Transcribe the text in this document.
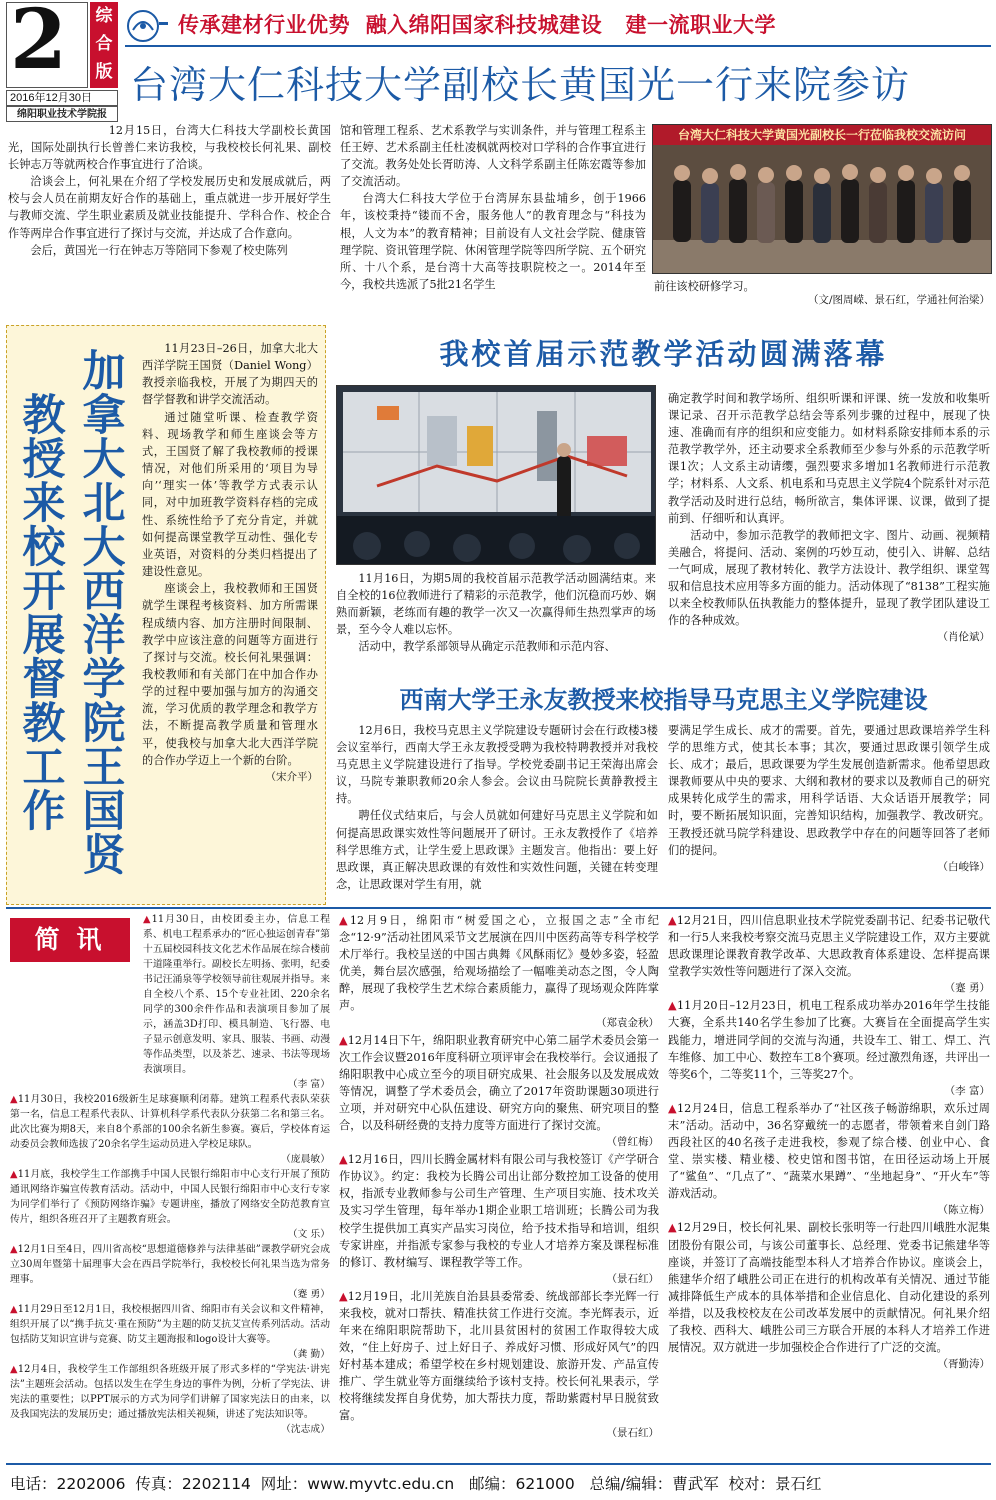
2	综
合
版
2016年12月30日
绵阳职业技术学院报
传承建材行业优势  融入绵阳国家科技城建设   建一流职业大学
台湾大仁科技大学副校长黄国光一行来院参访

12月15日，台湾大仁科技大学副校长黄国光，国际处副执行长曾善仁来访我校，与我校校长何礼果、副校长钟志万等就两校合作事宜进行了洽谈。

洽谈会上，何礼果在介绍了学校发展历史和发展成就后，两校与会人员在前期友好合作的基础上，重点就进一步开展好学生与教师交流、学生职业素质及就业技能提升、学科合作、校企合作等两岸合作事宜进行了探讨与交流，并达成了合作意向。

会后，黄国光一行在钟志万等陪同下参观了校史陈列

馆和管理工程系、艺术系教学与实训条件，并与管理工程系主任王婷、艺术系副主任杜凌枫就两校对口学科的合作事宜进行了交流。教务处处长胥昉涛、人文科学系副主任陈宏霞等参加了交流活动。

台湾大仁科技大学位于台湾屏东县盐埔乡，创于1966年，该校秉持“镂而不舍，服务他人”的教育理念与“科技为根，人文为本”的教育精神；目前设有人文社会学院、健康管理学院、资讯管理学院、休闲管理学院等四所学院、五个研究所、十八个系，是台湾十大高等技职院校之一。2014年至今，我校共选派了5批21名学生

台湾大仁科技大学黄国光副校长一行莅临我校交流访问
前往该校研修学习。
（文/图周嵘、景石红，学通社何治梁）
加拿大北大西洋学院王国贤
教授来校开展督教工作

11月23日–26日，加拿大北大西洋学院王国贤（Daniel Wong）教授亲临我校，开展了为期四天的督学督教和讲学交流活动。

通过随堂听课、检查教学资料、现场教学和师生座谈会等方式，王国贤了解了我校教师的授课情况，对他们所采用的‘项目为导向’‘理实一体’等教学方式表示认同，对中加班教学资料存档的完成性、系统性给予了充分肯定，并就如何提高课堂教学互动性、强化专业英语，对资料的分类归档提出了建设性意见。

座谈会上，我校教师和王国贤就学生课程考核资料、加方所需课程成绩内容、加方注册时间限制、教学中应该注意的问题等方面进行了探讨与交流。校长何礼果强调：我校教师和有关部门在中加合作办学的过程中要加强与加方的沟通交流，学习优质的教学理念和教学方法，不断提高教学质量和管理水平，使我校与加拿大北大西洋学院的合作办学迈上一个新的台阶。

（宋介平）
我校首届示范教学活动圆满落幕

11月16日，为期5周的我校首届示范教学活动圆满结束。来自全校的16位教师进行了精彩的示范教学，他们沉稳而巧妙、娴熟而新颖，老练而有趣的教学一次又一次赢得师生热烈掌声的场景，至今令人难以忘怀。

活动中，教学系部领导从确定示范教师和示范内容、

确定教学时间和教学场所、组织听课和评课、统一发放和收集听课记录、召开示范教学总结会等系列步骤的过程中，展现了快速、准确而有序的组织和应变能力。如材料系除安排师本系的示范教学教学外，还主动要求全系教师至少参与外系的示范教学听课1次；人文系主动请缨，强烈要求多增加1名教师进行示范教学；材料系、人文系、机电系和马克思主义学院4个院系针对示范教学活动及时进行总结，畅所欲言，集体评课、议课，做到了提前到、仔细听和认真评。

活动中，参加示范教学的教师把文字、图片、动画、视频精美融合，将提问、活动、案例的巧妙互动，使引入、讲解、总结一气呵成，展现了教材转化、教学方法设计、教学组织、课堂驾驭和信息技术应用等多方面的能力。活动体现了“8138”工程实施以来全校教师队伍执教能力的整体提升，显现了教学团队建设工作的各种成效。

（肖伦斌）
西南大学王永友教授来校指导马克思主义学院建设

12月6日，我校马克思主义学院建设专题研讨会在行政楼3楼会议室举行，西南大学王永友教授受聘为我校特聘教授并对我校马克思主义学院建设进行了指导。学校党委副书记王荣海出席会议，马院专兼职教师20余人参会。会议由马院院长黄静教授主持。

聘任仪式结束后，与会人员就如何建好马克思主义学院和如何提高思政课实效性等问题展开了研讨。王永友教授作了《培养科学思维方式，让学生爱上思政课》主题发言。他指出：要上好思政课，真正解决思政课的有效性和实效性问题，关键在转变理念，让思政课对学生有用，就

要满足学生成长、成才的需要。首先，要通过思政课培养学生科学的思维方式，使其长本事；其次，要通过思政课引领学生成长、成才；最后，思政课要为学生发展创造新需求。他希望思政课教师要从中央的要求、大纲和教材的要求以及教师自己的研究成果转化成学生的需求，用科学话语、大众话语开展教学；同时，要不断拓展知识面，完善知识结构，加强教学、教改研究。王教授还就马院学科建设、思政教学中存在的问题等回答了老师们的提问。

（白峻锋）
简 讯
▲11月30日，由校团委主办，信息工程系、机电工程系承办的“匠心独运创青春”第十五届校园科技文化艺术作品展在综合楼前干道隆重举行。副校长左明扬、张明，纪委书记汪涌泉等学校领导前往观展并指导。来自全校八个系、15个专业社团、220余名同学的300余件作品和表演项目参加了展示，涵盖3D打印、模具制造、飞行器、电子显示创意发明、家具、服装、书画、动漫等作品类型，以及茶艺、速录、书法等现场表演项目。
（李 富）
▲11月30日，我校2016级新生足球赛顺利闭幕。建筑工程系代表队荣获第一名，信息工程系代表队、计算机科学系代表队分获第二名和第三名。此次比赛为期8天，来自8个系部的100余名新生参赛。赛后，学校体育运动委员会教师选拔了20余名学生运动员进入学校足球队。
（庞晨敏）
▲11月底，我校学生工作部携手中国人民银行绵阳市中心支行开展了预防通讯网络诈骗宣传教育活动。活动中，中国人民银行绵阳市中心支行专家为同学们举行了《预防网络诈骗》专题讲座，播放了网络安全防范教育宣传片，组织各班召开了主题教育班会。
（文 乐）
▲12月1日至4日，四川省高校“思想道德修养与法律基础”课教学研究会成立30周年暨第十届理事大会在西昌学院举行，我校校长何礼果当选为常务理事。
（蹇 勇）
▲11月29日至12月1日，我校根据四川省、绵阳市有关会议和文件精神，组织开展了以“携手抗艾·重在预防”为主题的防艾抗艾宣传系列活动。活动包括防艾知识宣讲与竞赛、防艾主题海报和logo设计大赛等。
（龚 勤）
▲12月4日，我校学生工作部组织各班级开展了形式多样的“学宪法·讲宪法”主题班会活动。包括以发生在学生身边的事件为例，分析了学宪法、讲宪法的重要性；以PPT展示的方式为同学们讲解了国家宪法日的由来，以及我国宪法的发展历史；通过播放宪法相关视频，讲述了宪法知识等。
（沈志成）
▲12月9日，绵阳市“树爱国之心，立报国之志”全市纪念“12·9”活动社团风采节文艺展演在四川中医药高等专科学校学术厅举行。我校呈送的中国古典舞《风酥雨忆》曼妙多姿，轻盈优美，舞台层次感强，给观场描绘了一幅唯美动态之图，令人陶醉，展现了我校学生艺术综合素质能力，赢得了现场观众阵阵掌声。
（郑袁金秋）
▲12月14日下午，绵阳职业教育研究中心第二届学术委员会第一次工作会议暨2016年度科研立项评审会在我校举行。会议通报了绵阳职教中心成立至今的项目研究成果、社会服务以及发展成效等情况，调整了学术委员会，确立了2017年资助课题30项进行立项，并对研究中心队伍建设、研究方向的聚焦、研究项目的整合，以及科研经费的支持力度等方面进行了探讨交流。
（曾红梅）
▲12月16日，四川长腾金属材料有限公司与我校签订《产学研合作协议》。约定：我校为长腾公司出让部分数控加工设备的使用权，指派专业教师参与公司生产管理、生产项目实施、技术攻关及实习学生管理，每年举办1期企业职工培训班；长腾公司为我校学生提供加工真实产品实习岗位，给予技术指导和培训，组织专家讲座，并指派专家参与我校的专业人才培养方案及课程标准的修订、教材编写、课程教学等工作。
（景石红）
▲12月19日，北川羌族自治县县委常委、统战部部长李光辉一行来我校，就对口帮扶、精准扶贫工作进行交流。李光辉表示，近年来在绵阳职院帮助下，北川县贫困村的贫困工作取得较大成效，“住上好房子、过上好日子、养成好习惯、形成好风气”的四好村基本建成；希望学校在乡村规划建设、旅游开发、产品宣传推广、学生就业等方面继续给予该村支持。校长何礼果表示，学校将继续发挥自身优势，加大帮扶力度，帮助紫霞村早日脱贫致富。
（景石红）
▲12月21日，四川信息职业技术学院党委副书记、纪委书记敬代和一行5人来我校考察交流马克思主义学院建设工作，双方主要就思政课理论课教育教学改革、大思政教育体系建设、怎样提高课堂教学实效性等问题进行了深入交流。
（蹇 勇）
▲11月20日–12月23日，机电工程系成功举办2016年学生技能大赛，全系共140名学生参加了比赛。大赛旨在全面提高学生实践能力，增进同学间的交流与沟通，共设车工、钳工、焊工、汽车维修、加工中心、数控车工8个赛项。经过激烈角逐，共评出一等奖6个，二等奖11个，三等奖27个。
（李 富）
▲12月24日，信息工程系举办了“社区孩子畅游绵职，欢乐过周末”活动。活动中，36名穿戴统一的志愿者，带领着来自剑门路西段社区的40名孩子走进我校，参观了综合楼、创业中心、食堂、崇实楼、精业楼、校史馆和图书馆，在田径运动场上开展了“鲨鱼”、“几点了”、“蔬菜水果蹲”、“坐地起身”、“开火车”等游戏活动。
（陈立梅）
▲12月29日，校长何礼果、副校长张明等一行赴四川峨胜水泥集团股份有限公司，与该公司董事长、总经理、党委书记熊建华等座谈，并签订了高端技能型本科人才培养合作协议。座谈会上，熊建华介绍了峨胜公司正在进行的机构改革有关情况、通过节能减排降低生产成本的具体举措和企业信息化、自动化建设的系列举措，以及我校校友在公司改革发展中的贡献情况。何礼果介绍了我校、西科大、峨胜公司三方联合开展的本科人才培养工作进展情况。双方就进一步加强校企合作进行了广泛的交流。
（胥勤涛）
电话：2202006  传真：2202114  网址：www.myvtc.edu.cn   邮编：621000   总编/编辑：曹武军  校对：景石红
